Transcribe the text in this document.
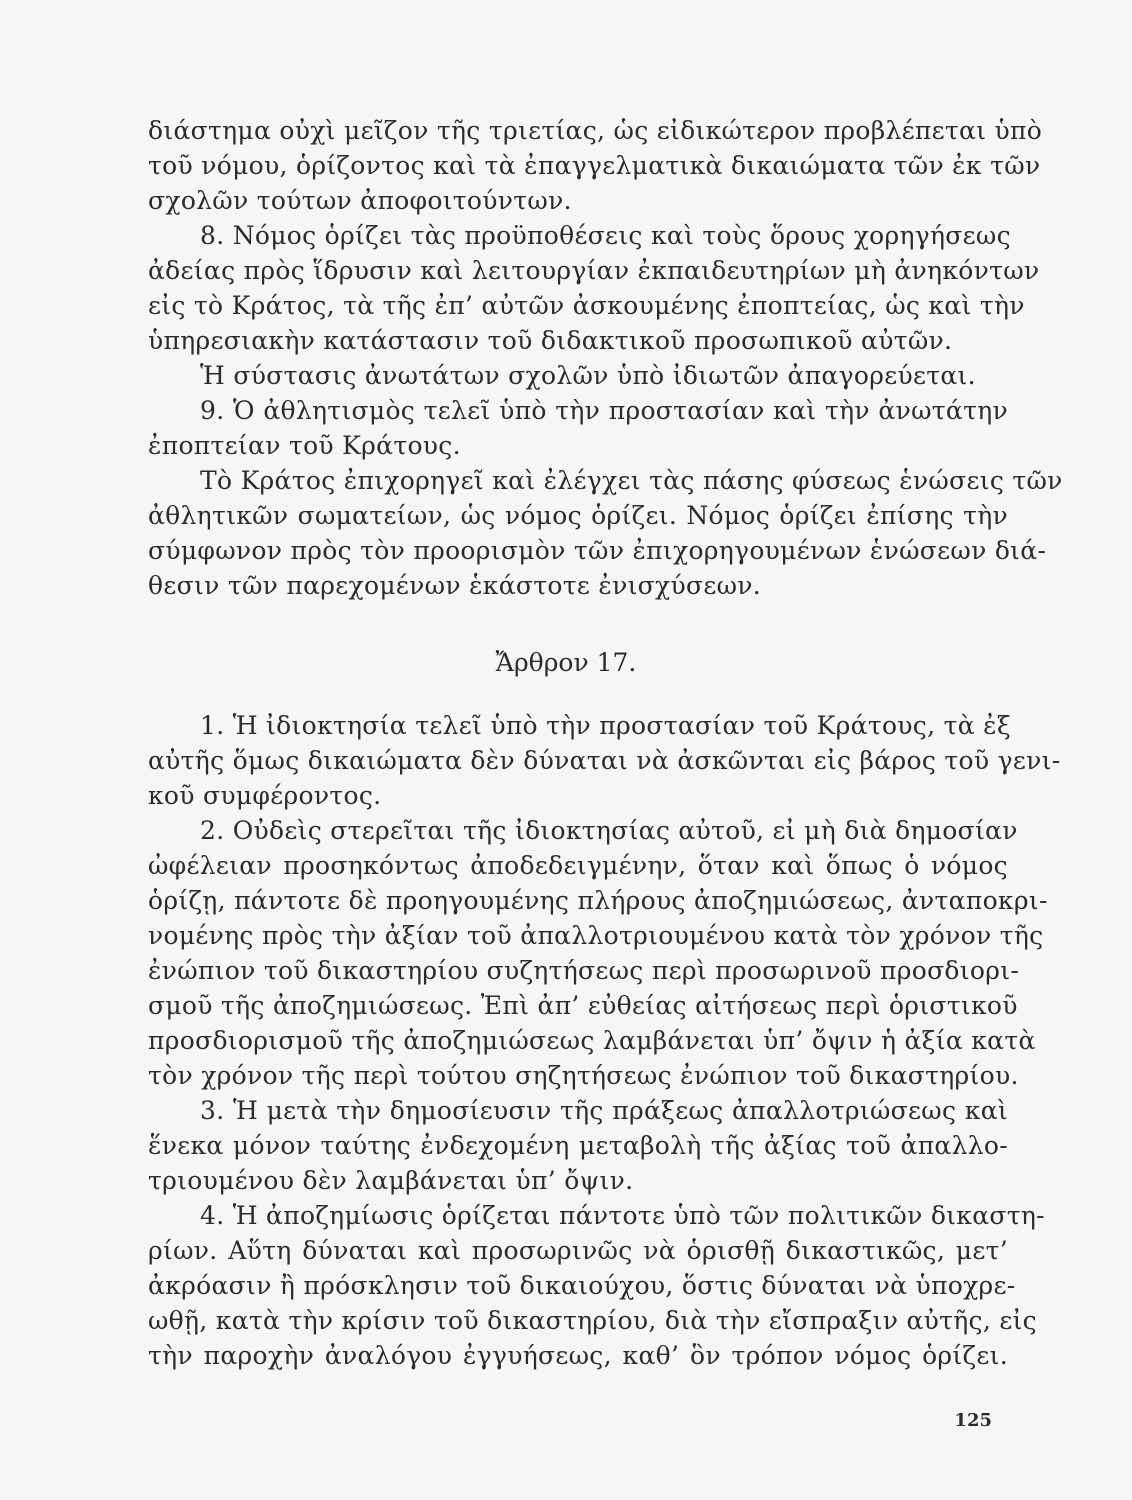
διάστημα οὐχὶ μεῖζον τῆς τριετίας, ὡς εἰδικώτερον προβλέπεται ὑπὸ
τοῦ νόμου, ὁρίζοντος καὶ τὰ ἐπαγγελματικὰ δικαιώματα τῶν ἐκ τῶν
σχολῶν τούτων ἀποφοιτούντων.
8. Νόμος ὁρίζει τὰς προϋποθέσεις καὶ τοὺς ὅρους χορηγήσεως
ἀδείας πρὸς ἵδρυσιν καὶ λειτουργίαν ἐκπαιδευτηρίων μὴ ἀνηκόντων
εἰς τὸ Κράτος, τὰ τῆς ἐπ’ αὐτῶν ἀσκουμένης ἐποπτείας, ὡς καὶ τὴν
ὑπηρεσιακὴν κατάστασιν τοῦ διδακτικοῦ προσωπικοῦ αὐτῶν.
Ἡ σύστασις ἀνωτάτων σχολῶν ὑπὸ ἰδιωτῶν ἀπαγορεύεται.
9. Ὁ ἀθλητισμὸς τελεῖ ὑπὸ τὴν προστασίαν καὶ τὴν ἀνωτάτην
ἐποπτείαν τοῦ Κράτους.
Τὸ Κράτος ἐπιχορηγεῖ καὶ ἐλέγχει τὰς πάσης φύσεως ἑνώσεις τῶν
ἀθλητικῶν σωματείων, ὡς νόμος ὁρίζει. Νόμος ὁρίζει ἐπίσης τὴν
σύμφωνον πρὸς τὸν προορισμὸν τῶν ἐπιχορηγουμένων ἑνώσεων διά-
θεσιν τῶν παρεχομένων ἑκάστοτε ἐνισχύσεων.
Ἄρθρον 17.
1. Ἡ ἰδιοκτησία τελεῖ ὑπὸ τὴν προστασίαν τοῦ Κράτους, τὰ ἐξ
αὐτῆς ὅμως δικαιώματα δὲν δύναται νὰ ἀσκῶνται εἰς βάρος τοῦ γενι-
κοῦ συμφέροντος.
2. Οὐδεὶς στερεῖται τῆς ἰδιοκτησίας αὐτοῦ, εἰ μὴ διὰ δημοσίαν
ὠφέλειαν προσηκόντως ἀποδεδειγμένην, ὅταν καὶ ὅπως ὁ νόμος
ὁρίζῃ, πάντοτε δὲ προηγουμένης πλήρους ἀποζημιώσεως, ἀνταποκρι-
νομένης πρὸς τὴν ἀξίαν τοῦ ἀπαλλοτριουμένου κατὰ τὸν χρόνον τῆς
ἐνώπιον τοῦ δικαστηρίου συζητήσεως περὶ προσωρινοῦ προσδιορι-
σμοῦ τῆς ἀποζημιώσεως. Ἐπὶ ἀπ’ εὐθείας αἰτήσεως περὶ ὁριστικοῦ
προσδιορισμοῦ τῆς ἀποζημιώσεως λαμβάνεται ὑπ’ ὄψιν ἡ ἀξία κατὰ
τὸν χρόνον τῆς περὶ τούτου σηζητήσεως ἐνώπιον τοῦ δικαστηρίου.
3. Ἡ μετὰ τὴν δημοσίευσιν τῆς πράξεως ἀπαλλοτριώσεως καὶ
ἕνεκα μόνον ταύτης ἐνδεχομένη μεταβολὴ τῆς ἀξίας τοῦ ἀπαλλο-
τριουμένου δὲν λαμβάνεται ὑπ’ ὄψιν.
4. Ἡ ἀποζημίωσις ὁρίζεται πάντοτε ὑπὸ τῶν πολιτικῶν δικαστη-
ρίων. Αὕτη δύναται καὶ προσωρινῶς νὰ ὁρισθῇ δικαστικῶς, μετ’
ἀκρόασιν ἢ πρόσκλησιν τοῦ δικαιούχου, ὅστις δύναται νὰ ὑποχρε-
ωθῇ, κατὰ τὴν κρίσιν τοῦ δικαστηρίου, διὰ τὴν εἴσπραξιν αὐτῆς, εἰς
τὴν παροχὴν ἀναλόγου ἐγγυήσεως, καθ’ ὃν τρόπον νόμος ὁρίζει.
125
